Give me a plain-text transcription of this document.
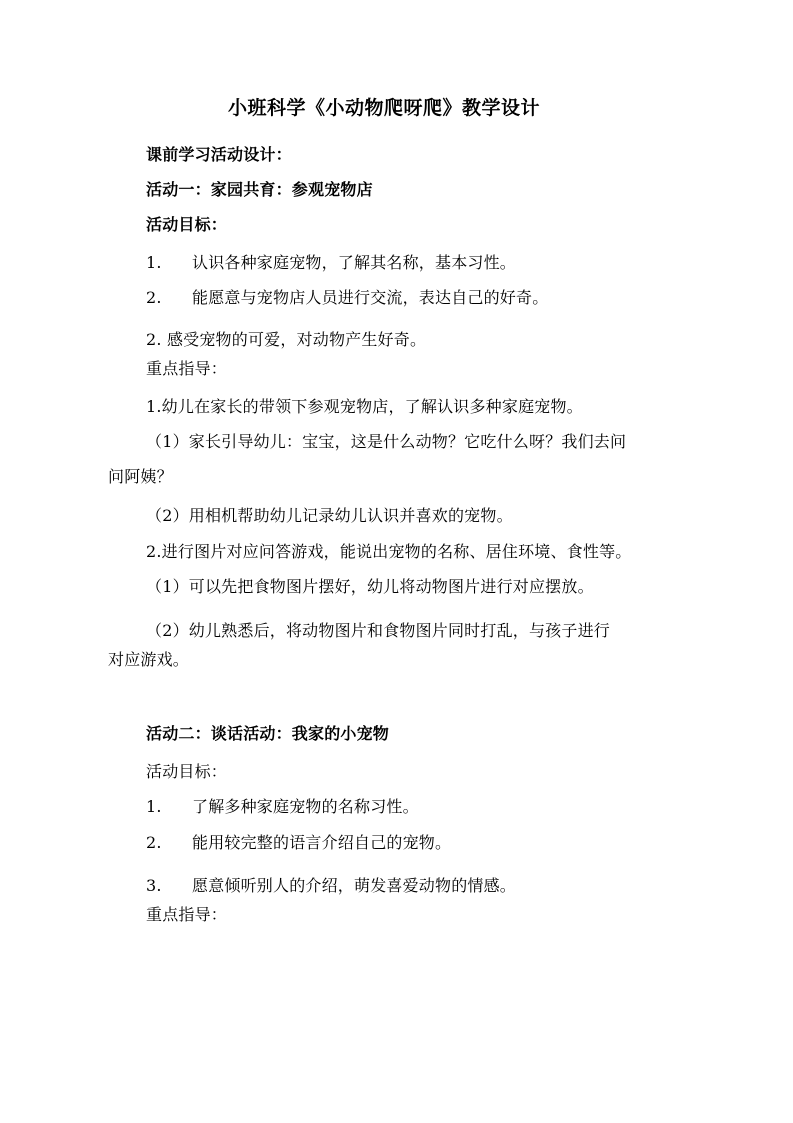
小班科学《小动物爬呀爬》教学设计
课前学习活动设计：
活动一：家园共育：参观宠物店
活动目标：
1. 认识各种家庭宠物，了解其名称，基本习性。
2. 能愿意与宠物店人员进行交流，表达自己的好奇。
2. 感受宠物的可爱，对动物产生好奇。
重点指导：
1.幼儿在家长的带领下参观宠物店，了解认识多种家庭宠物。
（1）家长引导幼儿：宝宝，这是什么动物？它吃什么呀？我们去问
问阿姨？
（2）用相机帮助幼儿记录幼儿认识并喜欢的宠物。
2.进行图片对应问答游戏，能说出宠物的名称、居住环境、食性等。
（1）可以先把食物图片摆好，幼儿将动物图片进行对应摆放。
（2）幼儿熟悉后，将动物图片和食物图片同时打乱，与孩子进行
对应游戏。
活动二：谈话活动：我家的小宠物
活动目标：
1. 了解多种家庭宠物的名称习性。
2. 能用较完整的语言介绍自己的宠物。
3. 愿意倾听别人的介绍，萌发喜爱动物的情感。
重点指导：
